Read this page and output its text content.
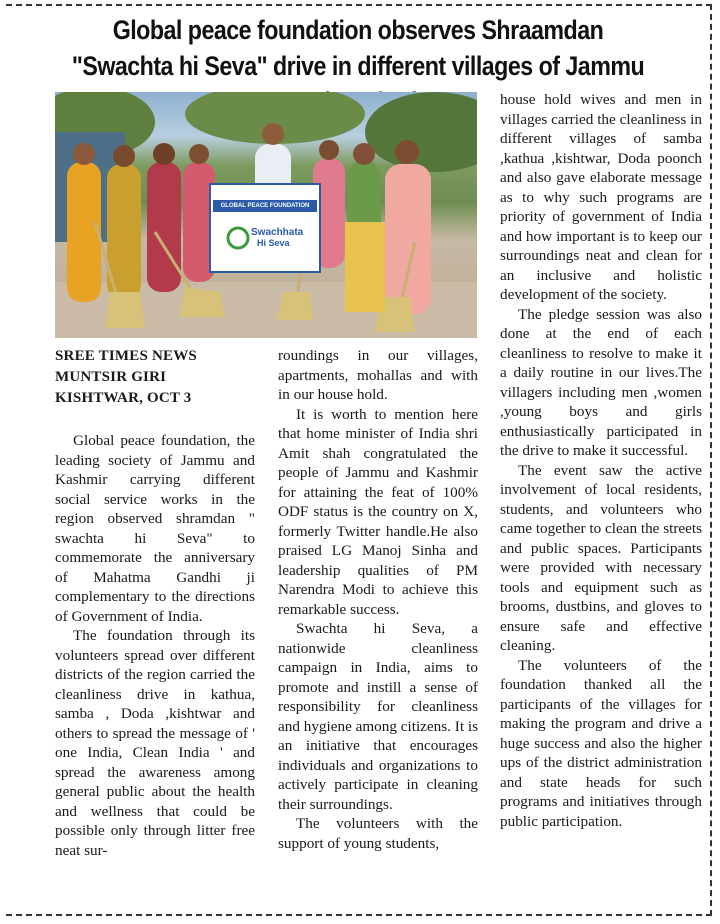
Global peace foundation observes Shraamdan "Swachta hi Seva" drive in different villages of Jammu
GLOBAL PEACE FOUNDATION
Swachhata
Hi Seva
SREE TIMES NEWS
MUNTSIR GIRI
KISHTWAR, OCT 3

Global peace foundation, the leading society of Jammu and Kashmir carrying different social service works in the region observed shramdan " swachta hi Seva" to commemorate the anniversary of Mahatma Gandhi ji complementary to the directions of Government of India.

The foundation through its volunteers spread over different districts of the region carried the cleanliness drive in kathua, samba , Doda ,kishtwar and others to spread the message of ' one India, Clean India ' and spread the awareness among general public about the health and wellness that could be possible only through litter free neat sur-

roundings in our villages, apartments, mohallas and with in our house hold.

It is worth to mention here that home minister of India shri Amit shah congratulated the people of Jammu and Kashmir for attaining the feat of 100% ODF status is the country on X, formerly Twitter handle.He also praised LG Manoj Sinha and leadership qualities of PM Narendra Modi to achieve this remarkable success.

Swachta hi Seva, a nationwide cleanliness campaign in India, aims to promote and instill a sense of responsibility for cleanliness and hygiene among citizens. It is an initiative that encourages individuals and organizations to actively participate in cleaning their surroundings.

The volunteers with the support of young students,

house hold wives and men in villages carried the cleanliness in different villages of samba ,kathua ,kishtwar, Doda poonch and also gave elaborate message as to why such programs are priority of government of India and how important is to keep our surroundings neat and clean for an inclusive and holistic development of the society.

The pledge session was also done at the end of each cleanliness to resolve to make it a daily routine in our lives.The villagers including men ,women ,young boys and girls enthusiastically participated in the drive to make it successful.

The event saw the active involvement of local residents, students, and volunteers who came together to clean the streets and public spaces. Participants were provided with necessary tools and equipment such as brooms, dustbins, and gloves to ensure safe and effective cleaning.

The volunteers of the foundation thanked all the participants of the villages for making the program and drive a huge success and also the higher ups of the district administration and state heads for such programs and initiatives through public participation.
